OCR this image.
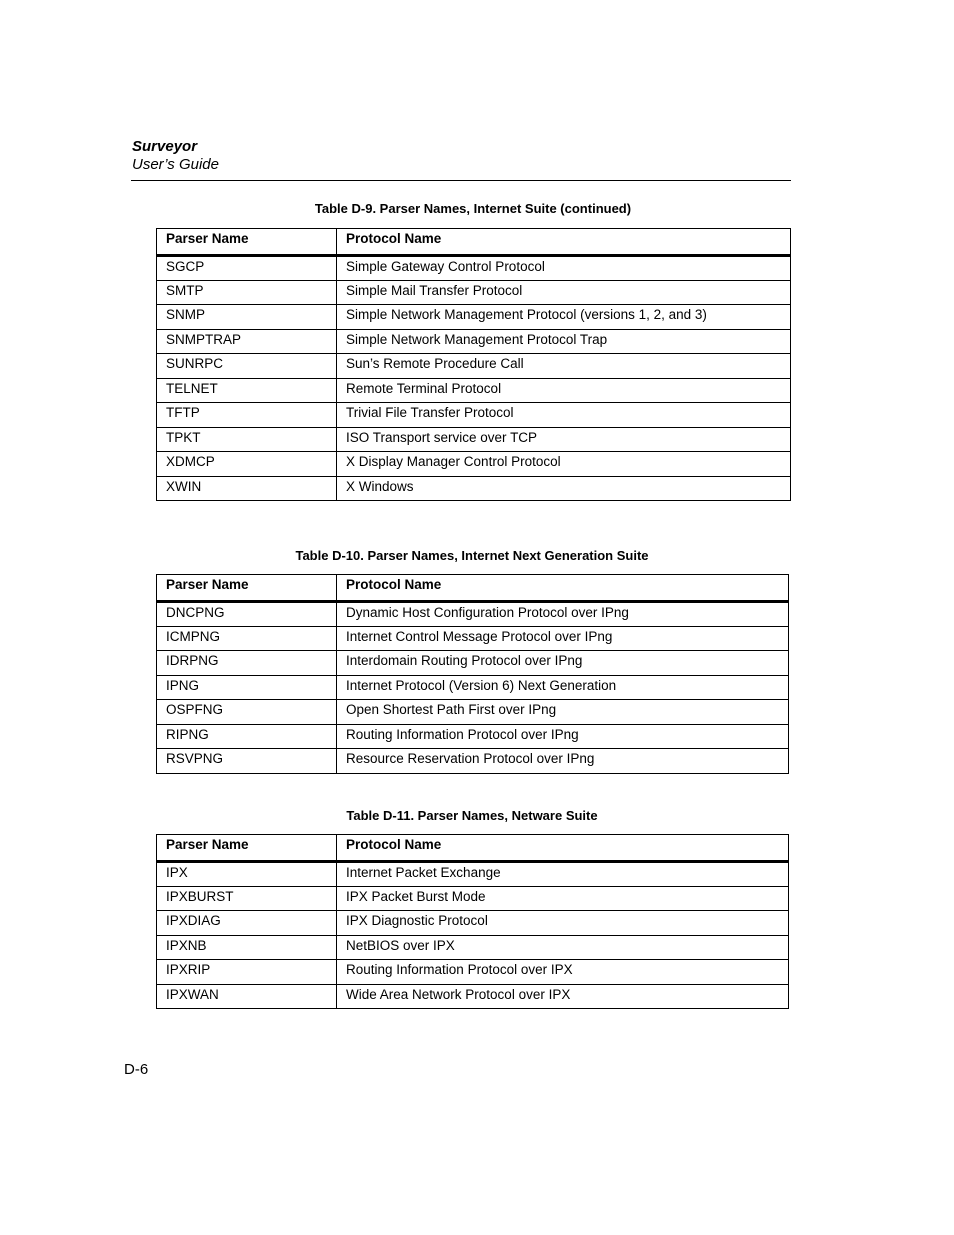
Surveyor
User’s Guide
Table D-9. Parser Names, Internet Suite (continued)
Parser Name	Protocol Name
SGCP	Simple Gateway Control Protocol
SMTP	Simple Mail Transfer Protocol
SNMP	Simple Network Management Protocol (versions 1, 2, and 3)
SNMPTRAP	Simple Network Management Protocol Trap
SUNRPC	Sun’s Remote Procedure Call
TELNET	Remote Terminal Protocol
TFTP	Trivial File Transfer Protocol
TPKT	ISO Transport service over TCP
XDMCP	X Display Manager Control Protocol
XWIN	X Windows
Table D-10. Parser Names, Internet Next Generation Suite
Parser Name	Protocol Name
DNCPNG	Dynamic Host Configuration Protocol over IPng
ICMPNG	Internet Control Message Protocol over IPng
IDRPNG	Interdomain Routing Protocol over IPng
IPNG	Internet Protocol (Version 6) Next Generation
OSPFNG	Open Shortest Path First over IPng
RIPNG	Routing Information Protocol over IPng
RSVPNG	Resource Reservation Protocol over IPng
Table D-11. Parser Names, Netware Suite
Parser Name	Protocol Name
IPX	Internet Packet Exchange
IPXBURST	IPX Packet Burst Mode
IPXDIAG	IPX Diagnostic Protocol
IPXNB	NetBIOS over IPX
IPXRIP	Routing Information Protocol over IPX
IPXWAN	Wide Area Network Protocol over IPX
D-6
